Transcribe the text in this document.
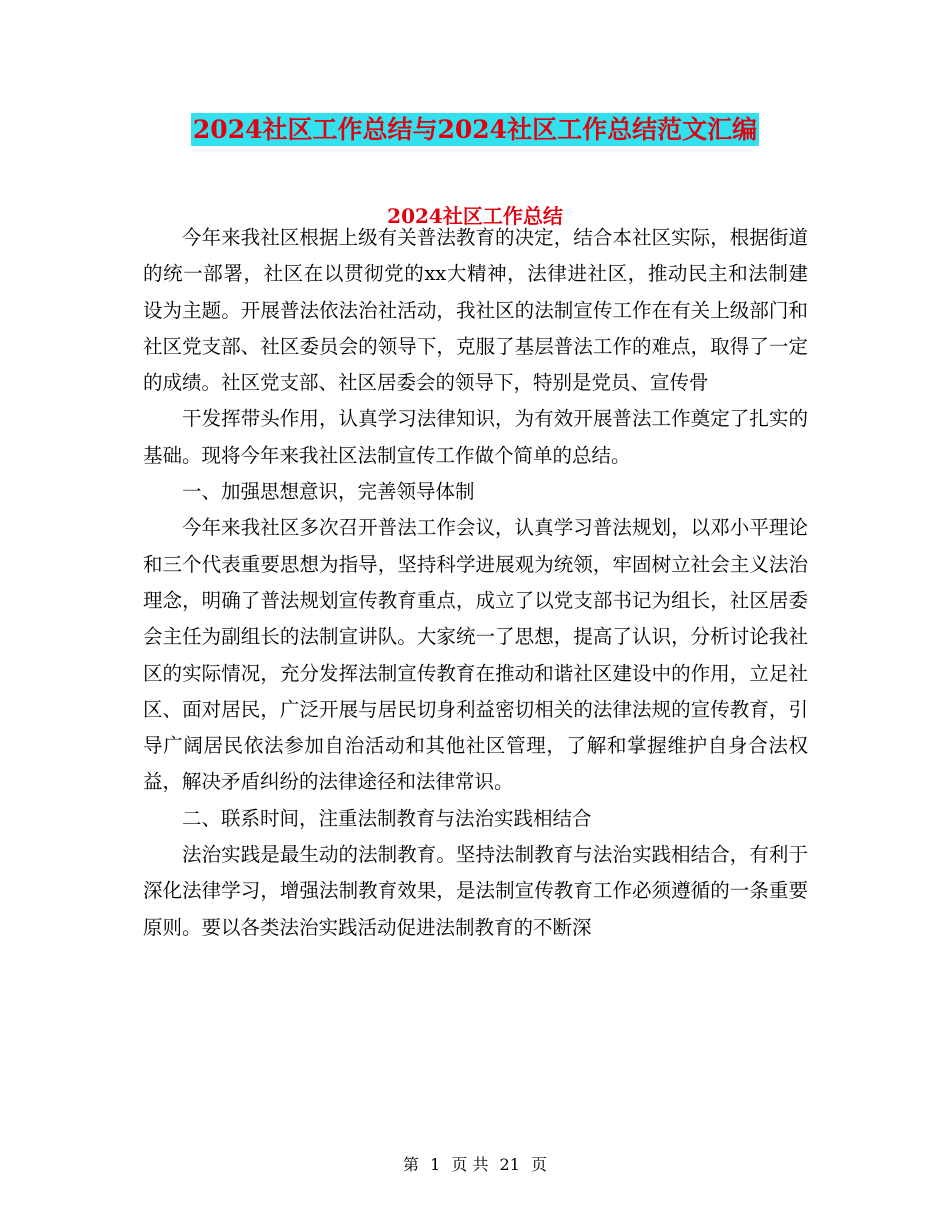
2024社区工作总结与2024社区工作总结范文汇编
2024社区工作总结

今年来我社区根据上级有关普法教育的决定，结合本社区实际，根据街道的统一部署，社区在以贯彻党的xx大精神，法律进社区，推动民主和法制建设为主题。开展普法依法治社活动，我社区的法制宣传工作在有关上级部门和社区党支部、社区委员会的领导下，克服了基层普法工作的难点，取得了一定的成绩。社区党支部、社区居委会的领导下，特别是党员、宣传骨

干发挥带头作用，认真学习法律知识，为有效开展普法工作奠定了扎实的基础。现将今年来我社区法制宣传工作做个简单的总结。

一、加强思想意识，完善领导体制

今年来我社区多次召开普法工作会议，认真学习普法规划，以邓小平理论和三个代表重要思想为指导，坚持科学进展观为统领，牢固树立社会主义法治理念，明确了普法规划宣传教育重点，成立了以党支部书记为组长，社区居委会主任为副组长的法制宣讲队。大家统一了思想，提高了认识，分析讨论我社区的实际情况，充分发挥法制宣传教育在推动和谐社区建设中的作用，立足社区、面对居民，广泛开展与居民切身利益密切相关的法律法规的宣传教育，引导广阔居民依法参加自治活动和其他社区管理，了解和掌握维护自身合法权益，解决矛盾纠纷的法律途径和法律常识。

二、联系时间，注重法制教育与法治实践相结合

法治实践是最生动的法制教育。坚持法制教育与法治实践相结合，有利于深化法律学习，增强法制教育效果，是法制宣传教育工作必须遵循的一条重要原则。要以各类法治实践活动促进法制教育的不断深

第 1 页 共 21 页
